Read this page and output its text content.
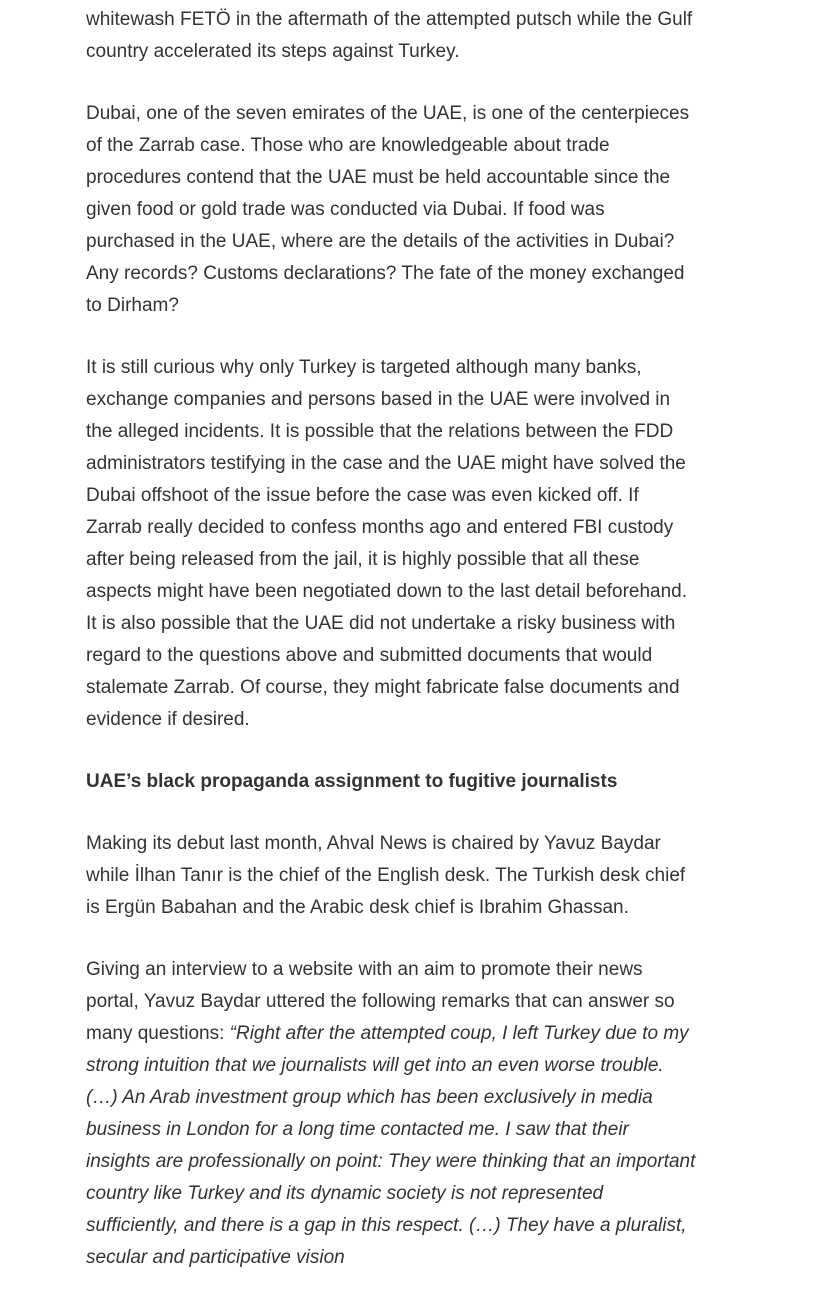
whitewash FETÖ in the aftermath of the attempted putsch while the Gulf country accelerated its steps against Turkey.

Dubai, one of the seven emirates of the UAE, is one of the centerpieces of the Zarrab case. Those who are knowledgeable about trade procedures contend that the UAE must be held accountable since the given food or gold trade was conducted via Dubai. If food was purchased in the UAE, where are the details of the activities in Dubai? Any records? Customs declarations? The fate of the money exchanged to Dirham?

It is still curious why only Turkey is targeted although many banks, exchange companies and persons based in the UAE were involved in the alleged incidents. It is possible that the relations between the FDD administrators testifying in the case and the UAE might have solved the Dubai offshoot of the issue before the case was even kicked off. If Zarrab really decided to confess months ago and entered FBI custody after being released from the jail, it is highly possible that all these aspects might have been negotiated down to the last detail beforehand. It is also possible that the UAE did not undertake a risky business with regard to the questions above and submitted documents that would stalemate Zarrab. Of course, they might fabricate false documents and evidence if desired.

UAE’s black propaganda assignment to fugitive journalists

Making its debut last month, Ahval News is chaired by Yavuz Baydar while İlhan Tanır is the chief of the English desk. The Turkish desk chief is Ergün Babahan and the Arabic desk chief is Ibrahim Ghassan.

Giving an interview to a website with an aim to promote their news portal, Yavuz Baydar uttered the following remarks that can answer so many questions: “Right after the attempted coup, I left Turkey due to my strong intuition that we journalists will get into an even worse trouble. (…) An Arab investment group which has been exclusively in media business in London for a long time contacted me. I saw that their insights are professionally on point: They were thinking that an important country like Turkey and its dynamic society is not represented sufficiently, and there is a gap in this respect. (…) They have a pluralist, secular and participative vision
